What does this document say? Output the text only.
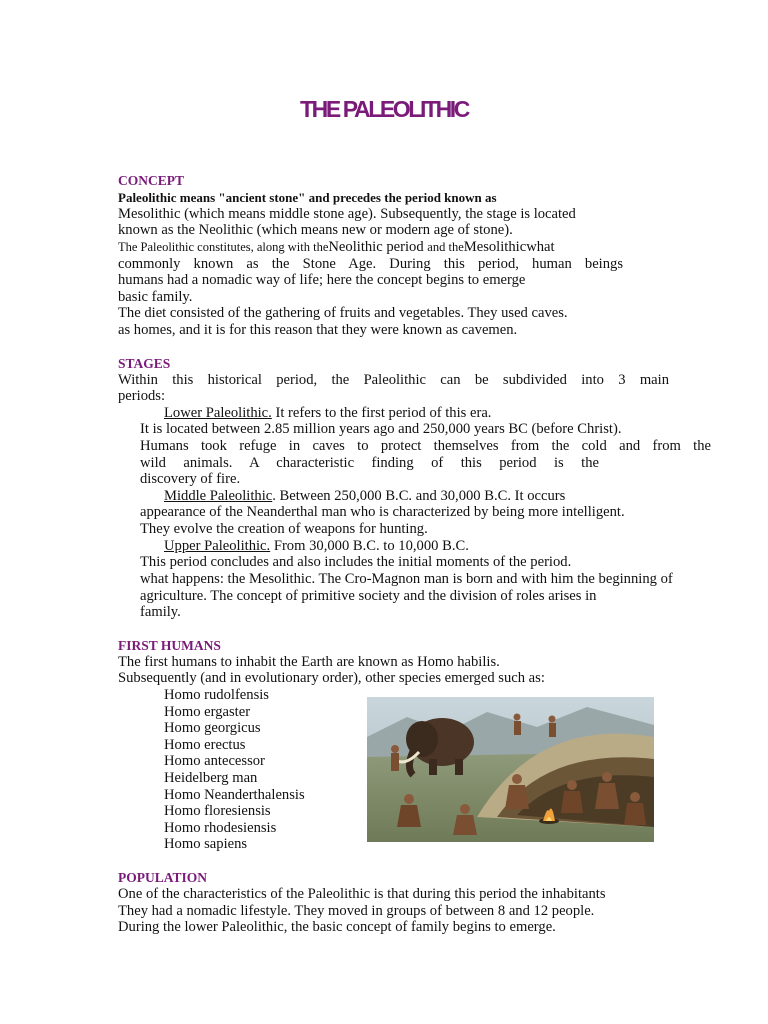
THE PALEOLITHIC
CONCEPT
Paleolithic means "ancient stone" and precedes the period known as
Mesolithic (which means middle stone age). Subsequently, the stage is located
known as the Neolithic (which means new or modern age of stone).
The Paleolithic constitutes, along with theNeolithic period and theMesolithicwhat
commonly known as the Stone Age. During this period, human beings
humans had a nomadic way of life; here the concept begins to emerge
basic family.
The diet consisted of the gathering of fruits and vegetables. They used caves.
as homes, and it is for this reason that they were known as cavemen.
STAGES
Within this historical period, the Paleolithic can be subdivided into 3 main
periods:
Lower Paleolithic. It refers to the first period of this era.
It is located between 2.85 million years ago and 250,000 years BC (before Christ).
Humans took refuge in caves to protect themselves from the cold and from the
wild animals. A characteristic finding of this period is the
discovery of fire.
Middle Paleolithic. Between 250,000 B.C. and 30,000 B.C. It occurs
appearance of the Neanderthal man who is characterized by being more intelligent.
They evolve the creation of weapons for hunting.
Upper Paleolithic. From 30,000 B.C. to 10,000 B.C.
This period concludes and also includes the initial moments of the period.
what happens: the Mesolithic. The Cro-Magnon man is born and with him the beginning of
agriculture. The concept of primitive society and the division of roles arises in
family.
FIRST HUMANS
The first humans to inhabit the Earth are known as Homo habilis.
Subsequently (and in evolutionary order), other species emerged such as:
Homo rudolfensis
Homo ergaster
Homo georgicus
Homo erectus
Homo antecessor
Heidelberg man
Homo Neanderthalensis
Homo floresiensis
Homo rhodesiensis
Homo sapiens
POPULATION
One of the characteristics of the Paleolithic is that during this period the inhabitants
They had a nomadic lifestyle. They moved in groups of between 8 and 12 people.
During the lower Paleolithic, the basic concept of family begins to emerge.
